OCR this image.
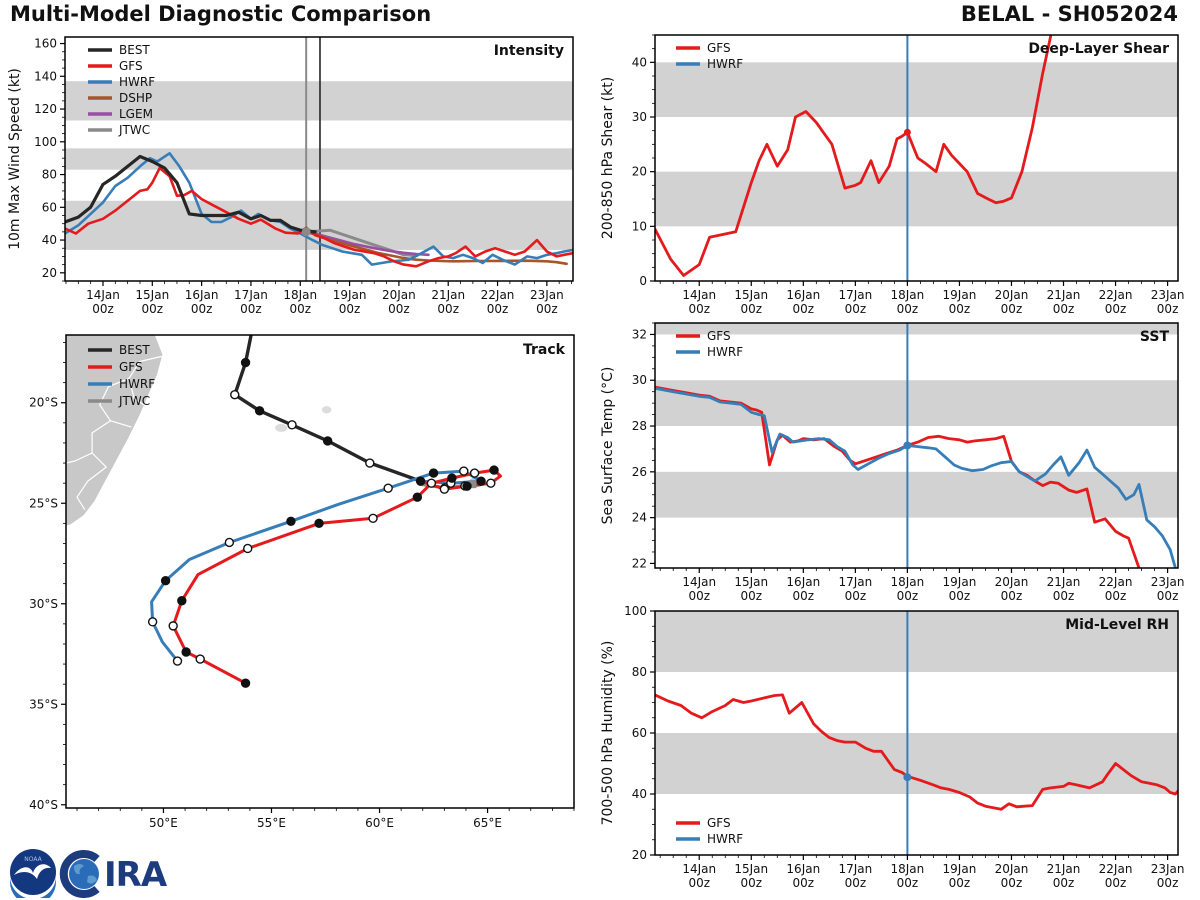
Multi-Model Diagnostic Comparison	BELAL - SH052024
14Jan
00z
15Jan
00z
16Jan
00z
17Jan
00z
18Jan
00z
19Jan
00z
20Jan
00z
21Jan
00z
22Jan
00z
23Jan
00z
20
40
60
80
100
120
140
160
10m Max Wind Speed (kt)
Intensity
BEST
GFS
HWRF
DSHP
LGEM
JTWC
14Jan
00z
15Jan
00z
16Jan
00z
17Jan
00z
18Jan
00z
19Jan
00z
20Jan
00z
21Jan
00z
22Jan
00z
23Jan
00z
0
10
20
30
40
200-850 hPa Shear (kt)
Deep-Layer Shear
GFS
HWRF
50°E	55°E	60°E	65°E
20°S
25°S
30°S
35°S
40°S
Track
BEST
GFS
HWRF
JTWC
14Jan
00z
15Jan
00z
16Jan
00z
17Jan
00z
18Jan
00z
19Jan
00z
20Jan
00z
21Jan
00z
22Jan
00z
23Jan
00z
22
24
26
28
30
32
Sea Surface Temp (°C)
SST
GFS
HWRF
14Jan
00z
15Jan
00z
16Jan
00z
17Jan
00z
18Jan
00z
19Jan
00z
20Jan
00z
21Jan
00z
22Jan
00z
23Jan
00z
20
40
60
80
100
700-500 hPa Humidity (%)
Mid-Level RH
GFS
HWRF
NOAA IRA
